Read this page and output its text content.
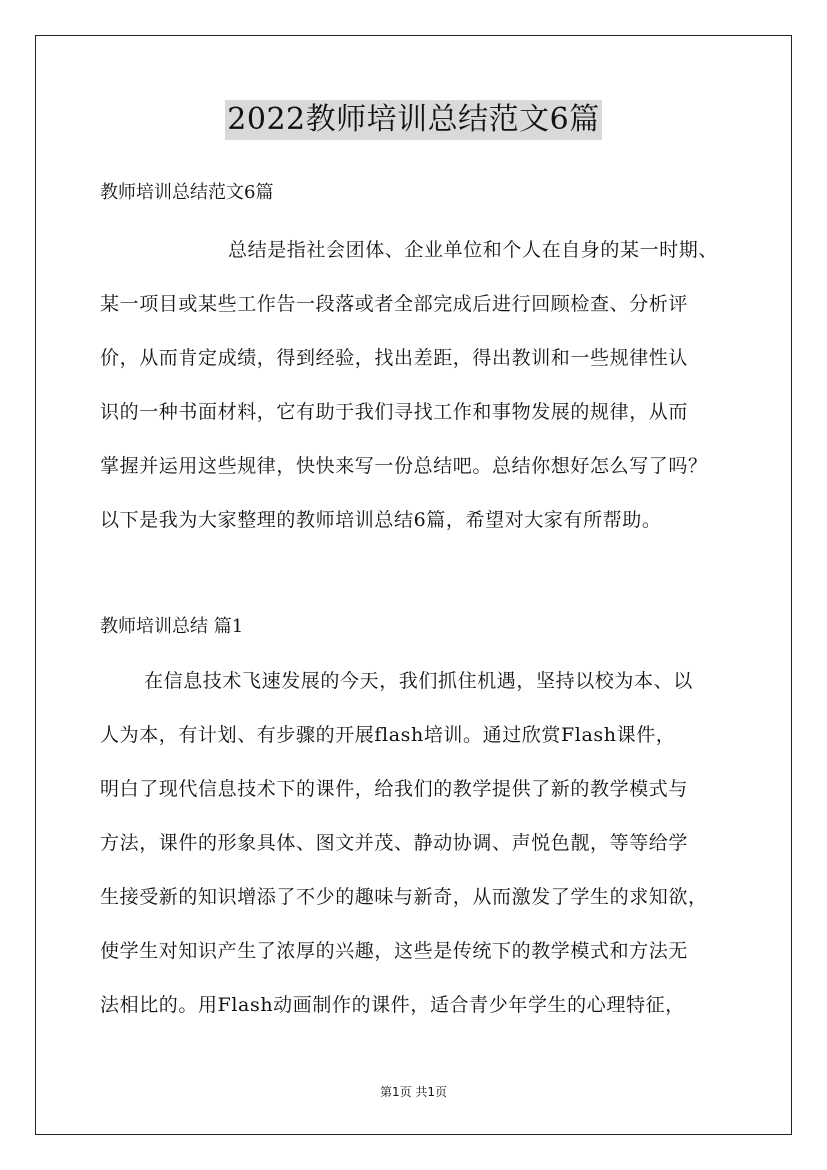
2022教师培训总结范文6篇
教师培训总结范文6篇
总结是指社会团体、企业单位和个人在自身的某一时期、
某一项目或某些工作告一段落或者全部完成后进行回顾检查、分析评
价，从而肯定成绩，得到经验，找出差距，得出教训和一些规律性认
识的一种书面材料，它有助于我们寻找工作和事物发展的规律，从而
掌握并运用这些规律，快快来写一份总结吧。总结你想好怎么写了吗？
以下是我为大家整理的教师培训总结6篇，希望对大家有所帮助。
教师培训总结 篇1
在信息技术飞速发展的今天，我们抓住机遇，坚持以校为本、以
人为本，有计划、有步骤的开展flash培训。通过欣赏Flash课件，
明白了现代信息技术下的课件，给我们的教学提供了新的教学模式与
方法，课件的形象具体、图文并茂、静动协调、声悦色靓，等等给学
生接受新的知识增添了不少的趣味与新奇，从而激发了学生的求知欲，
使学生对知识产生了浓厚的兴趣，这些是传统下的教学模式和方法无
法相比的。用Flash动画制作的课件，适合青少年学生的心理特征，
第1页 共1页
